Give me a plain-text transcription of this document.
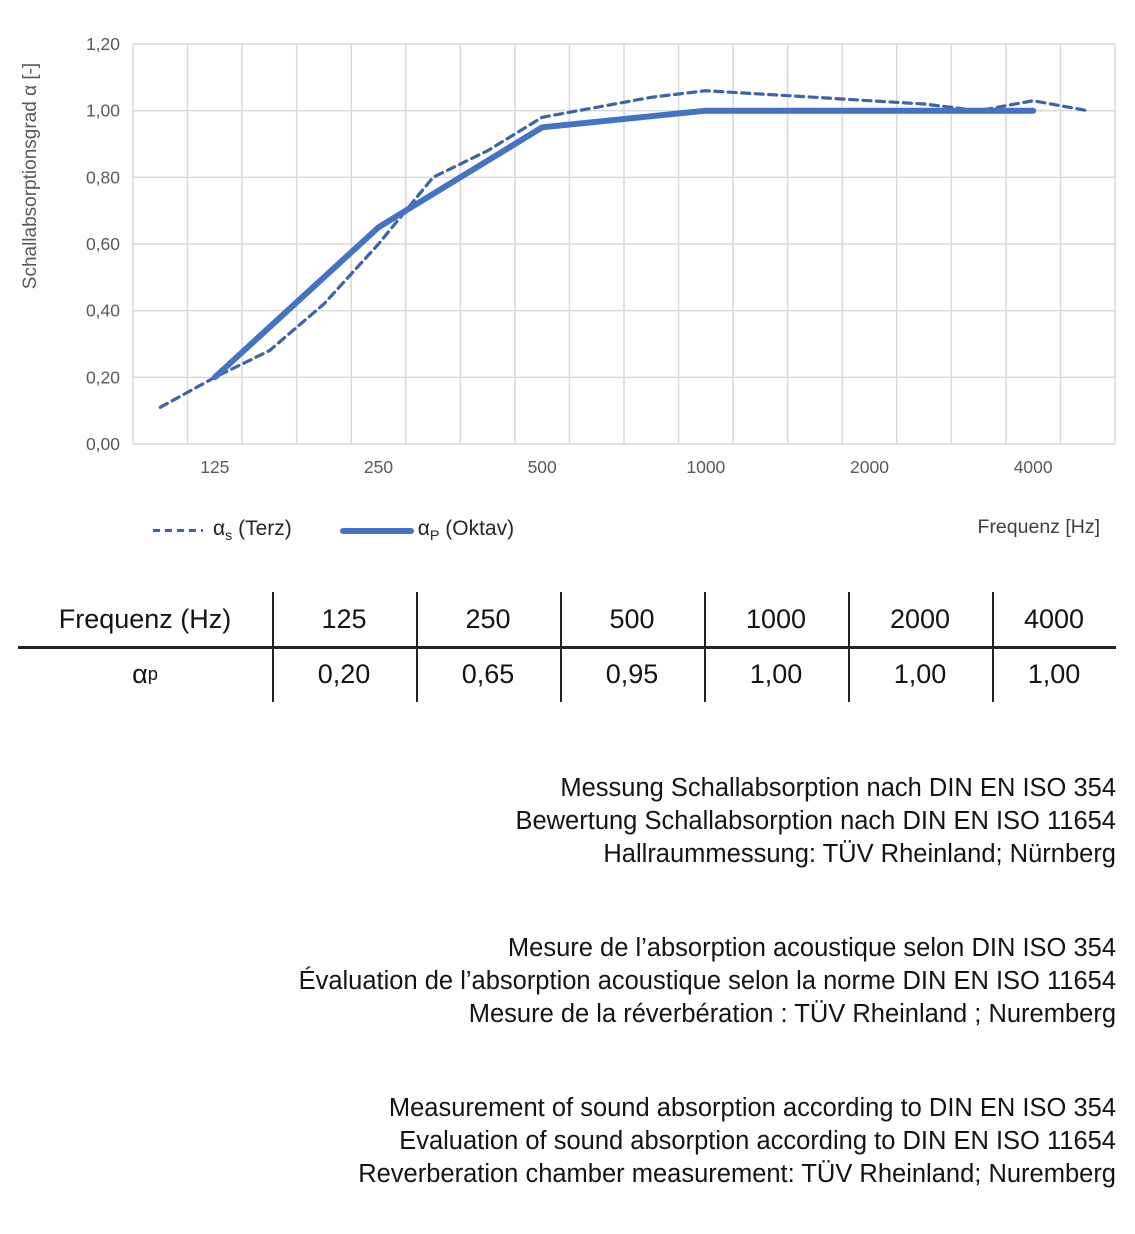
0,00
0,20
0,40
0,60
0,80
1,00
1,20
125	250	500	1000	2000	4000
Schallabsorptionsgrad α [-]
Frequenz [Hz]
$\alpha_s$ (Terz)	$\alpha_P$ (Oktav)
Frequenz (Hz)	125	250	500	1000	2000	4000
α p	0,20	0,65	0,95	1,00	1,00	1,00
Messung Schallabsorption nach DIN EN ISO 354
Bewertung Schallabsorption nach DIN EN ISO 11654
Hallraummessung: TÜV Rheinland; Nürnberg
Mesure de l’absorption acoustique selon DIN ISO 354
Évaluation de l’absorption acoustique selon la norme DIN EN ISO 11654
Mesure de la réverbération : TÜV Rheinland ; Nuremberg
Measurement of sound absorption according to DIN EN ISO 354
Evaluation of sound absorption according to DIN EN ISO 11654
Reverberation chamber measurement: TÜV Rheinland; Nuremberg
